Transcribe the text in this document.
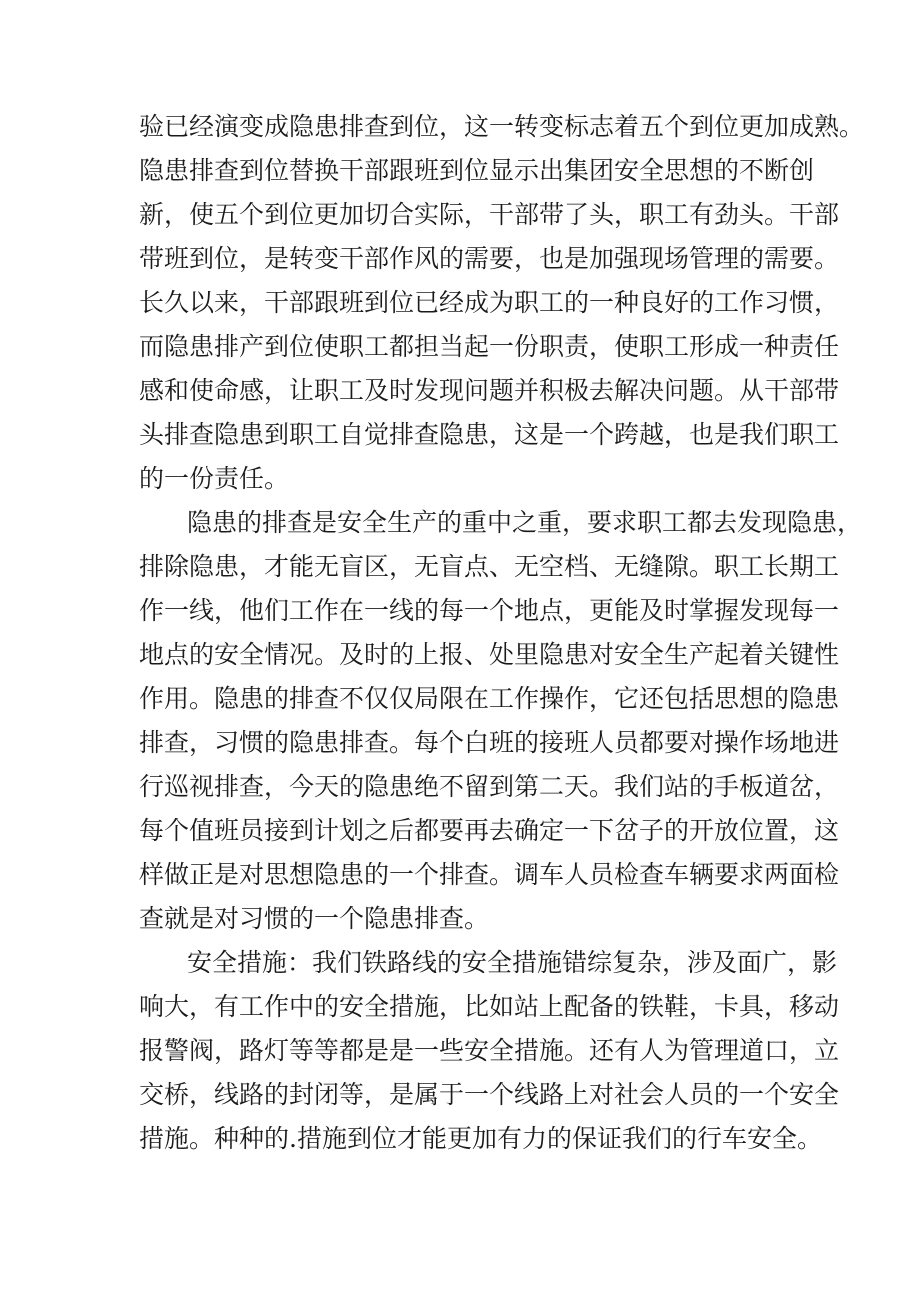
验已经演变成隐患排查到位，这一转变标志着五个到位更加成熟。
隐患排查到位替换干部跟班到位显示出集团安全思想的不断创
新，使五个到位更加切合实际，干部带了头，职工有劲头。干部
带班到位，是转变干部作风的需要，也是加强现场管理的需要。
长久以来，干部跟班到位已经成为职工的一种良好的工作习惯，
而隐患排产到位使职工都担当起一份职责，使职工形成一种责任
感和使命感，让职工及时发现问题并积极去解决问题。从干部带
头排查隐患到职工自觉排查隐患，这是一个跨越，也是我们职工
的一份责任。
隐患的排查是安全生产的重中之重，要求职工都去发现隐患，
排除隐患，才能无盲区，无盲点、无空档、无缝隙。职工长期工
作一线，他们工作在一线的每一个地点，更能及时掌握发现每一
地点的安全情况。及时的上报、处里隐患对安全生产起着关键性
作用。隐患的排查不仅仅局限在工作操作，它还包括思想的隐患
排查，习惯的隐患排查。每个白班的接班人员都要对操作场地进
行巡视排查，今天的隐患绝不留到第二天。我们站的手板道岔，
每个值班员接到计划之后都要再去确定一下岔子的开放位置，这
样做正是对思想隐患的一个排查。调车人员检查车辆要求两面检
查就是对习惯的一个隐患排查。
安全措施：我们铁路线的安全措施错综复杂，涉及面广，影
响大，有工作中的安全措施，比如站上配备的铁鞋，卡具，移动
报警阀，路灯等等都是是一些安全措施。还有人为管理道口，立
交桥，线路的封闭等，是属于一个线路上对社会人员的一个安全
措施。种种的.措施到位才能更加有力的保证我们的行车安全。
